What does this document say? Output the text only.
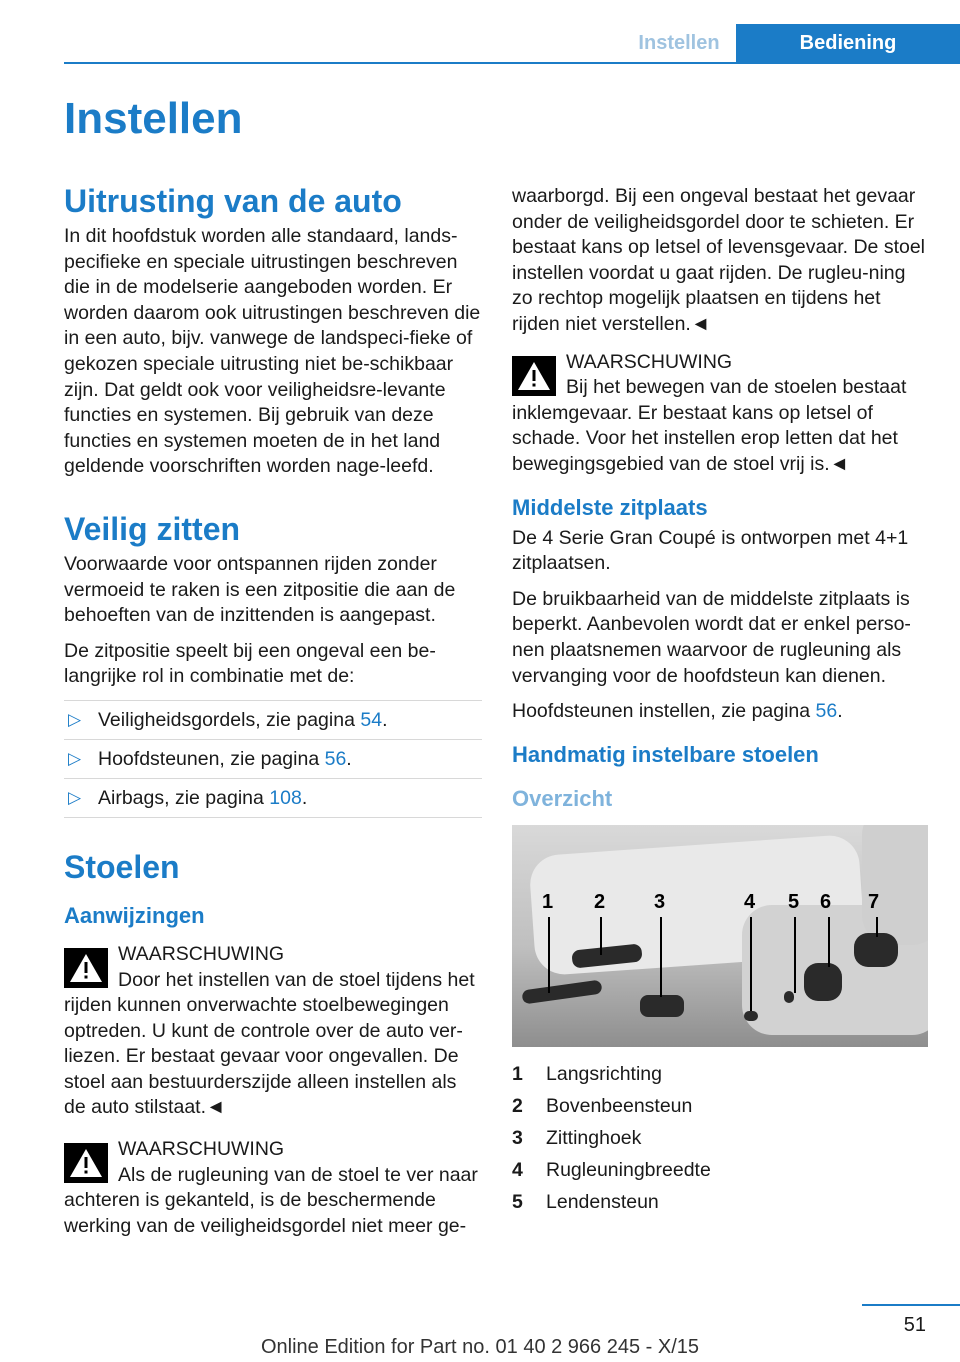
Instellen	Bediening
Instellen
Uitrusting van de auto

In dit hoofdstuk worden alle standaard, lands-pecifieke en speciale uitrustingen beschreven die in de modelserie aangeboden worden. Er worden daarom ook uitrustingen beschreven die in een auto, bijv. vanwege de landspeci-fieke of gekozen speciale uitrusting niet be-schikbaar zijn. Dat geldt ook voor veiligheidsre-levante functies en systemen. Bij gebruik van deze functies en systemen moeten de in het land geldende voorschriften worden nage-leefd.

Veilig zitten

Voorwaarde voor ontspannen rijden zonder vermoeid te raken is een zitpositie die aan de behoeften van de inzittenden is aangepast.

De zitpositie speelt bij een ongeval een be-langrijke rol in combinatie met de:

▷ Veiligheidsgordels, zie pagina 54.
▷ Hoofdsteunen, zie pagina 56.
▷ Airbags, zie pagina 108.
Stoelen
Aanwijzingen
WAARSCHUWING
Door het instellen van de stoel tijdens het rijden kunnen onverwachte stoelbewegingen optreden. U kunt de controle over de auto ver-liezen. Er bestaat gevaar voor ongevallen. De stoel aan bestuurderszijde alleen instellen als de auto stilstaat.◄
WAARSCHUWING
Als de rugleuning van de stoel te ver naar achteren is gekanteld, is de beschermende werking van de veiligheidsgordel niet meer ge-

waarborgd. Bij een ongeval bestaat het gevaar onder de veiligheidsgordel door te schieten. Er bestaat kans op letsel of levensgevaar. De stoel instellen voordat u gaat rijden. De rugleu-ning zo rechtop mogelijk plaatsen en tijdens het rijden niet verstellen.◄

WAARSCHUWING
Bij het bewegen van de stoelen bestaat inklemgevaar. Er bestaat kans op letsel of schade. Voor het instellen erop letten dat het bewegingsgebied van de stoel vrij is.◄
Middelste zitplaats

De 4 Serie Gran Coupé is ontworpen met 4+1 zitplaatsen.

De bruikbaarheid van de middelste zitplaats is beperkt. Aanbevolen wordt dat er enkel perso-nen plaatsnemen waarvoor de rugleuning als vervanging voor de hoofdsteun kan dienen.

Hoofdsteunen instellen, zie pagina 56.

Handmatig instelbare stoelen
Overzicht
1 2 3	4 5 6 7
1	Langsrichting
2	Bovenbeensteun
3	Zittinghoek
4	Rugleuningbreedte
5	Lendensteun
51
Online Edition for Part no. 01 40 2 966 245 - X/15
